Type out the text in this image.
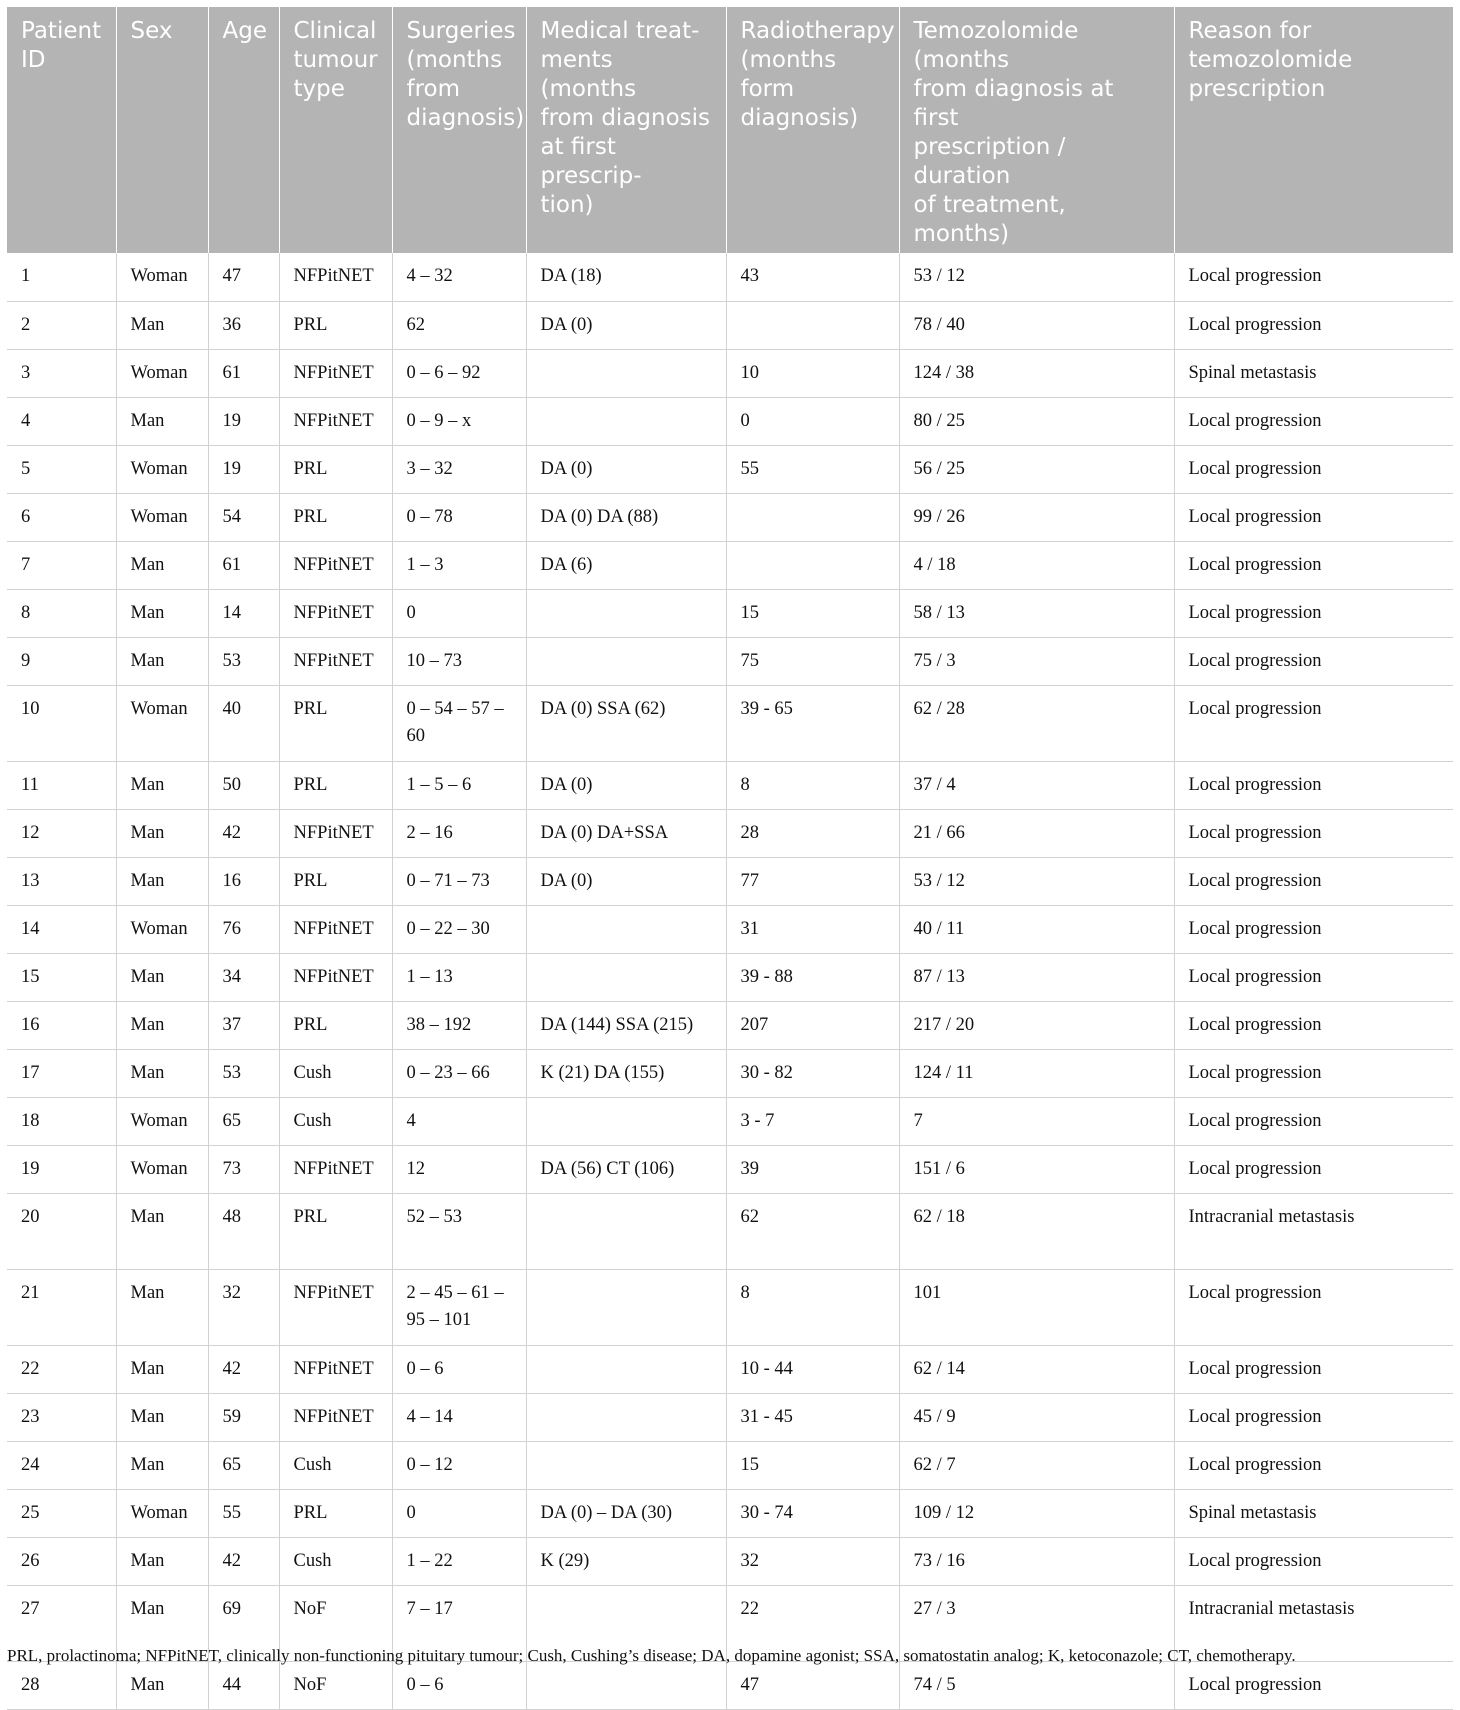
Patient
ID	Sex	Age	Clinical
tumour
type	Surgeries
(months
from
diagnosis)	Medical treat-
ments (months
from diagnosis
at first prescrip-
tion)	Radiotherapy
(months form
diagnosis)	Temozolomide (months
from diagnosis at first
prescription / duration
of treatment, months)	Reason for
temozolomide
prescription
1	Woman	47	NFPitNET	4 – 32	DA (18)	43	53 / 12	Local progression
2	Man	36	PRL	62	DA (0)		78 / 40	Local progression
3	Woman	61	NFPitNET	0 – 6 – 92		10	124 / 38	Spinal metastasis
4	Man	19	NFPitNET	0 – 9 – x		0	80 / 25	Local progression
5	Woman	19	PRL	3 – 32	DA (0)	55	56 / 25	Local progression
6	Woman	54	PRL	0 – 78	DA (0) DA (88)		99 / 26	Local progression
7	Man	61	NFPitNET	1 – 3	DA (6)		4 / 18	Local progression
8	Man	14	NFPitNET	0		15	58 / 13	Local progression
9	Man	53	NFPitNET	10 – 73		75	75 / 3	Local progression
10	Woman	40	PRL	0 – 54 – 57 – 60	DA (0) SSA (62)	39 - 65	62 / 28	Local progression
11	Man	50	PRL	1 – 5 – 6	DA (0)	8	37 / 4	Local progression
12	Man	42	NFPitNET	2 – 16	DA (0) DA+SSA	28	21 / 66	Local progression
13	Man	16	PRL	0 – 71 – 73	DA (0)	77	53 / 12	Local progression
14	Woman	76	NFPitNET	0 – 22 – 30		31	40 / 11	Local progression
15	Man	34	NFPitNET	1 – 13		39 - 88	87 / 13	Local progression
16	Man	37	PRL	38 – 192	DA (144) SSA (215)	207	217 / 20	Local progression
17	Man	53	Cush	0 – 23 – 66	K (21) DA (155)	30 - 82	124 / 11	Local progression
18	Woman	65	Cush	4		3 - 7	7	Local progression
19	Woman	73	NFPitNET	12	DA (56) CT (106)	39	151 / 6	Local progression
20	Man	48	PRL	52 – 53		62	62 / 18	Intracranial metastasis
21	Man	32	NFPitNET	2 – 45 – 61 – 95 – 101		8	101	Local progression
22	Man	42	NFPitNET	0 – 6		10 - 44	62 / 14	Local progression
23	Man	59	NFPitNET	4 – 14		31 - 45	45 / 9	Local progression
24	Man	65	Cush	0 – 12		15	62 / 7	Local progression
25	Woman	55	PRL	0	DA (0) – DA (30)	30 - 74	109 / 12	Spinal metastasis
26	Man	42	Cush	1 – 22	K (29)	32	73 / 16	Local progression
27	Man	69	NoF	7 – 17		22	27 / 3	Intracranial metastasis
28	Man	44	NoF	0 – 6		47	74 / 5	Local progression
PRL, prolactinoma; NFPitNET, clinically non-functioning pituitary tumour; Cush, Cushing’s disease; DA, dopamine agonist; SSA, somatostatin analog; K, ketoconazole; CT, chemotherapy.
